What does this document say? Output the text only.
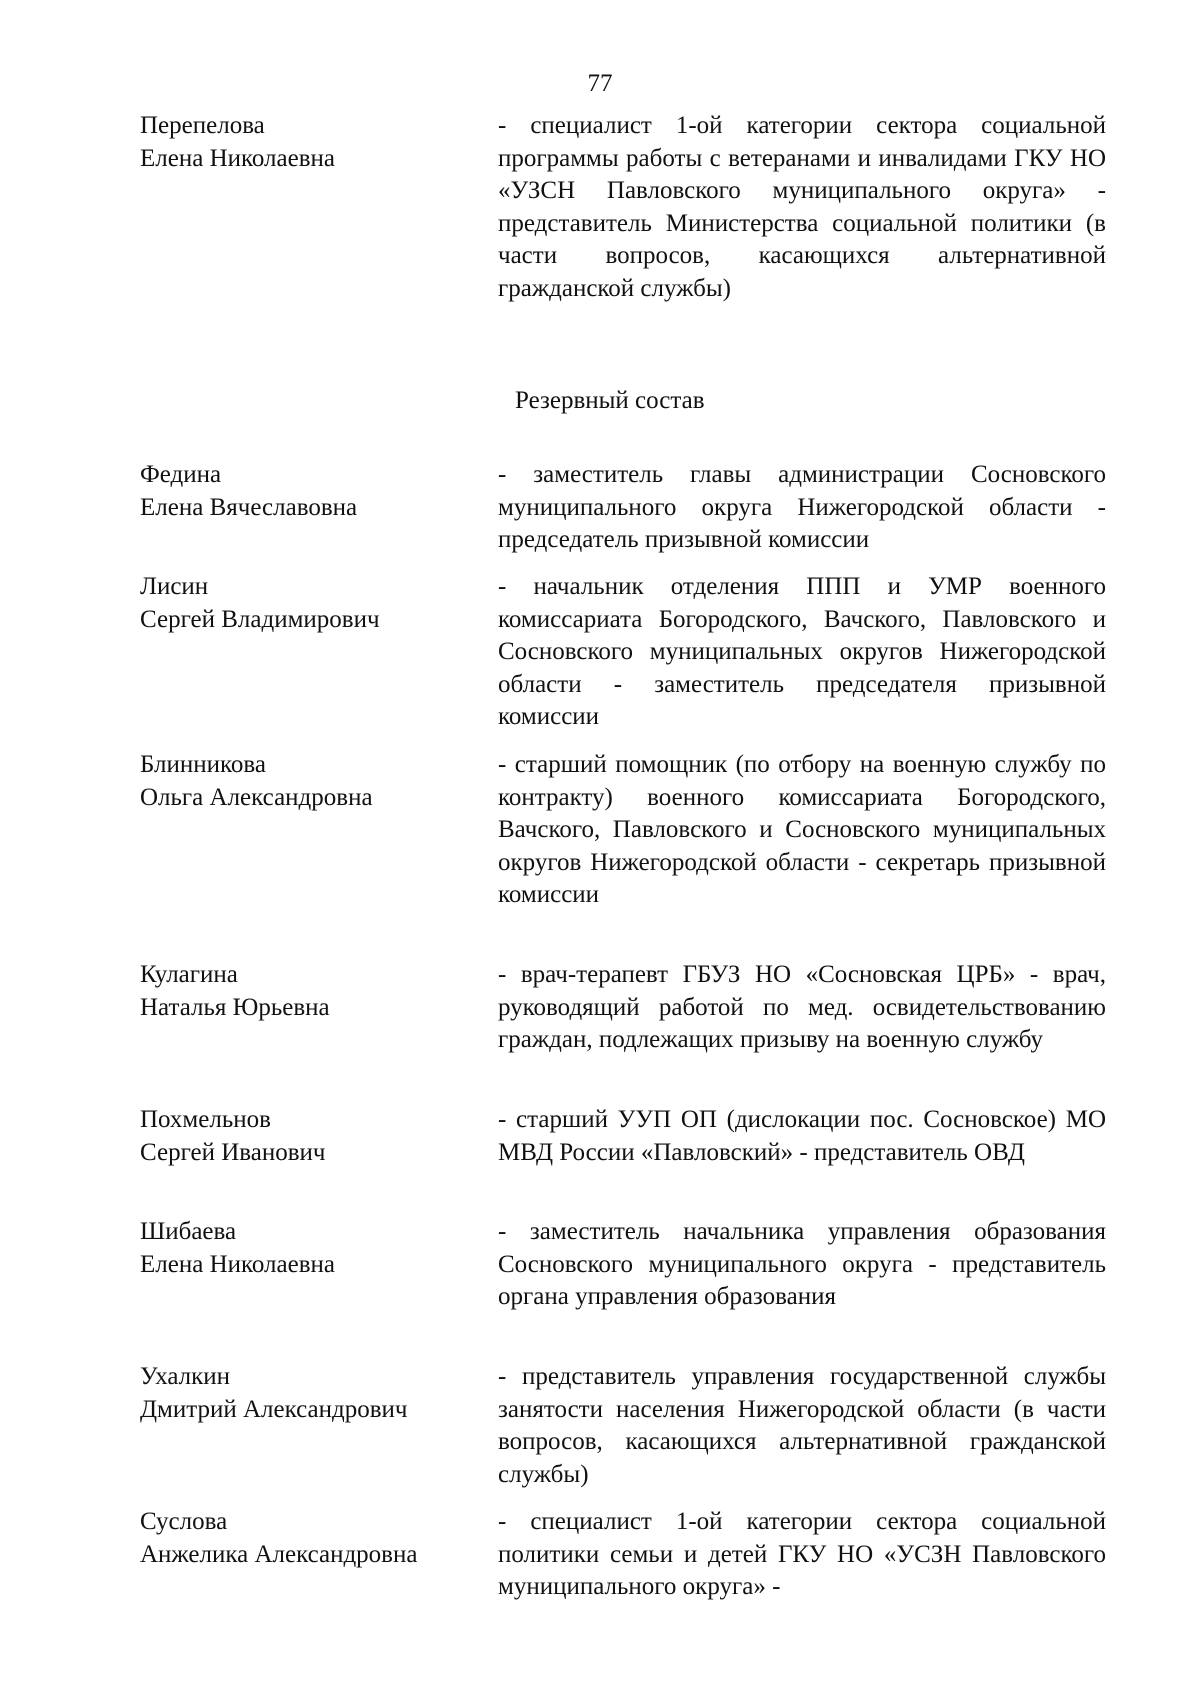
77
Перепелова
Елена Николаевна
- специалист 1-ой категории сектора социальной программы работы с ветеранами и инвалидами ГКУ НО «УЗСН Павловского муниципального округа» - представитель Министерства социальной политики (в части вопросов, касающихся альтернативной гражданской службы)
Резервный состав
Федина
Елена Вячеславовна
- заместитель главы администрации Сосновского муниципального округа Нижегородской области - председатель призывной комиссии
Лисин
Сергей Владимирович
- начальник отделения ППП и УМР военного комиссариата Богородского, Вачского, Павловского и Сосновского муниципальных округов Нижегородской области - заместитель председателя призывной комиссии
Блинникова
Ольга Александровна
- старший помощник (по отбору на военную службу по контракту) военного комиссариата Богородского, Вачского, Павловского и Сосновского муниципальных округов Нижегородской области - секретарь призывной комиссии
Кулагина
Наталья Юрьевна
- врач-терапевт ГБУЗ НО «Сосновская ЦРБ» - врач, руководящий работой по мед. освидетельствованию граждан, подлежащих призыву на военную службу
Похмельнов
Сергей Иванович
- старший УУП ОП (дислокации пос. Сосновское) МО МВД России «Павловский» - представитель ОВД
Шибаева
Елена Николаевна
- заместитель начальника управления образования Сосновского муниципального округа - представитель органа управления образования
Ухалкин
Дмитрий Александрович
- представитель управления государственной службы занятости населения Нижегородской области (в части вопросов, касающихся альтернативной гражданской службы)
Суслова
Анжелика Александровна
- специалист 1-ой категории сектора социальной политики семьи и детей ГКУ НО «УСЗН Павловского муниципального округа» -
